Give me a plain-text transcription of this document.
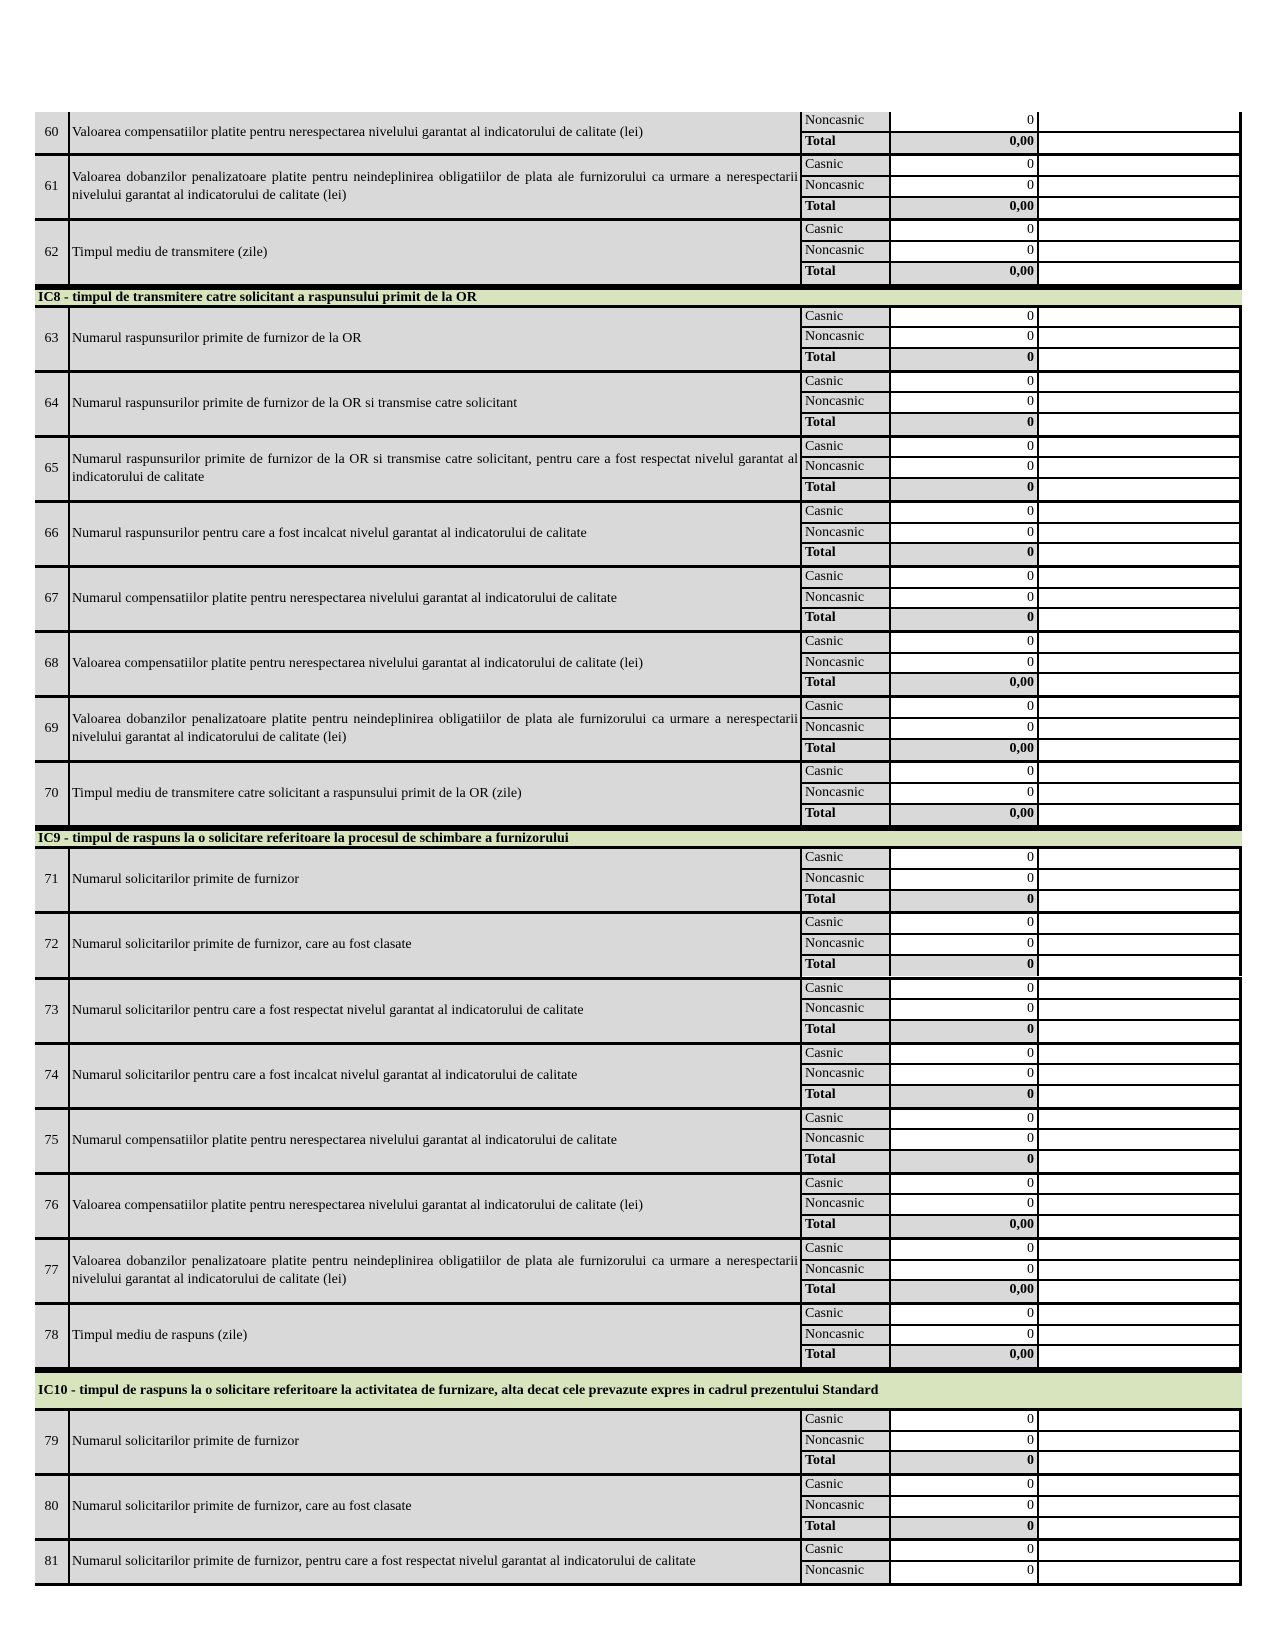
60 Valoarea compensatiilor platite pentru nerespectarea nivelului garantat al indicatorului de calitate (lei)
Noncasnic	0
Total	0,00
61
Valoarea dobanzilor penalizatoare platite pentru neindeplinirea obligatiilor de plata ale furnizorului ca urmare a nerespectarii nivelului garantat al indicatorului de calitate (lei)
Casnic	0
Noncasnic	0
Total	0,00
62 Timpul mediu de transmitere (zile)
Casnic	0
Noncasnic	0
Total	0,00
IC8 - timpul de transmitere catre solicitant a raspunsului primit de la OR
63 Numarul raspunsurilor primite de furnizor de la OR
Casnic	0
Noncasnic	0
Total	0
64 Numarul raspunsurilor primite de furnizor de la OR si transmise catre solicitant
Casnic	0
Noncasnic	0
Total	0
65
Numarul raspunsurilor primite de furnizor de la OR si transmise catre solicitant, pentru care a fost respectat nivelul garantat al indicatorului de calitate
Casnic	0
Noncasnic	0
Total	0
66 Numarul raspunsurilor pentru care a fost incalcat nivelul garantat al indicatorului de calitate
Casnic	0
Noncasnic	0
Total	0
67 Numarul compensatiilor platite pentru nerespectarea nivelului garantat al indicatorului de calitate
Casnic	0
Noncasnic	0
Total	0
68 Valoarea compensatiilor platite pentru nerespectarea nivelului garantat al indicatorului de calitate (lei)
Casnic	0
Noncasnic	0
Total	0,00
69
Valoarea dobanzilor penalizatoare platite pentru neindeplinirea obligatiilor de plata ale furnizorului ca urmare a nerespectarii nivelului garantat al indicatorului de calitate (lei)
Casnic	0
Noncasnic	0
Total	0,00
70 Timpul mediu de transmitere catre solicitant a raspunsului primit de la OR (zile)
Casnic	0
Noncasnic	0
Total	0,00
IC9 - timpul de raspuns la o solicitare referitoare la procesul de schimbare a furnizorului
71 Numarul solicitarilor primite de furnizor
Casnic	0
Noncasnic	0
Total	0
72 Numarul solicitarilor primite de furnizor, care au fost clasate
Casnic	0
Noncasnic	0
Total	0
73 Numarul solicitarilor pentru care a fost respectat nivelul garantat al indicatorului de calitate
Casnic	0
Noncasnic	0
Total	0
74 Numarul solicitarilor pentru care a fost incalcat nivelul garantat al indicatorului de calitate
Casnic	0
Noncasnic	0
Total	0
75 Numarul compensatiilor platite pentru nerespectarea nivelului garantat al indicatorului de calitate
Casnic	0
Noncasnic	0
Total	0
76 Valoarea compensatiilor platite pentru nerespectarea nivelului garantat al indicatorului de calitate (lei)
Casnic	0
Noncasnic	0
Total	0,00
77
Valoarea dobanzilor penalizatoare platite pentru neindeplinirea obligatiilor de plata ale furnizorului ca urmare a nerespectarii nivelului garantat al indicatorului de calitate (lei)
Casnic	0
Noncasnic	0
Total	0,00
78 Timpul mediu de raspuns (zile)
Casnic	0
Noncasnic	0
Total	0,00
IC10 - timpul de raspuns la o solicitare referitoare la activitatea de furnizare, alta decat cele prevazute expres in cadrul prezentului Standard
79 Numarul solicitarilor primite de furnizor
Casnic	0
Noncasnic	0
Total	0
80 Numarul solicitarilor primite de furnizor, care au fost clasate
Casnic	0
Noncasnic	0
Total	0
81 Numarul solicitarilor primite de furnizor, pentru care a fost respectat nivelul garantat al indicatorului de calitate
Casnic	0
Noncasnic	0
